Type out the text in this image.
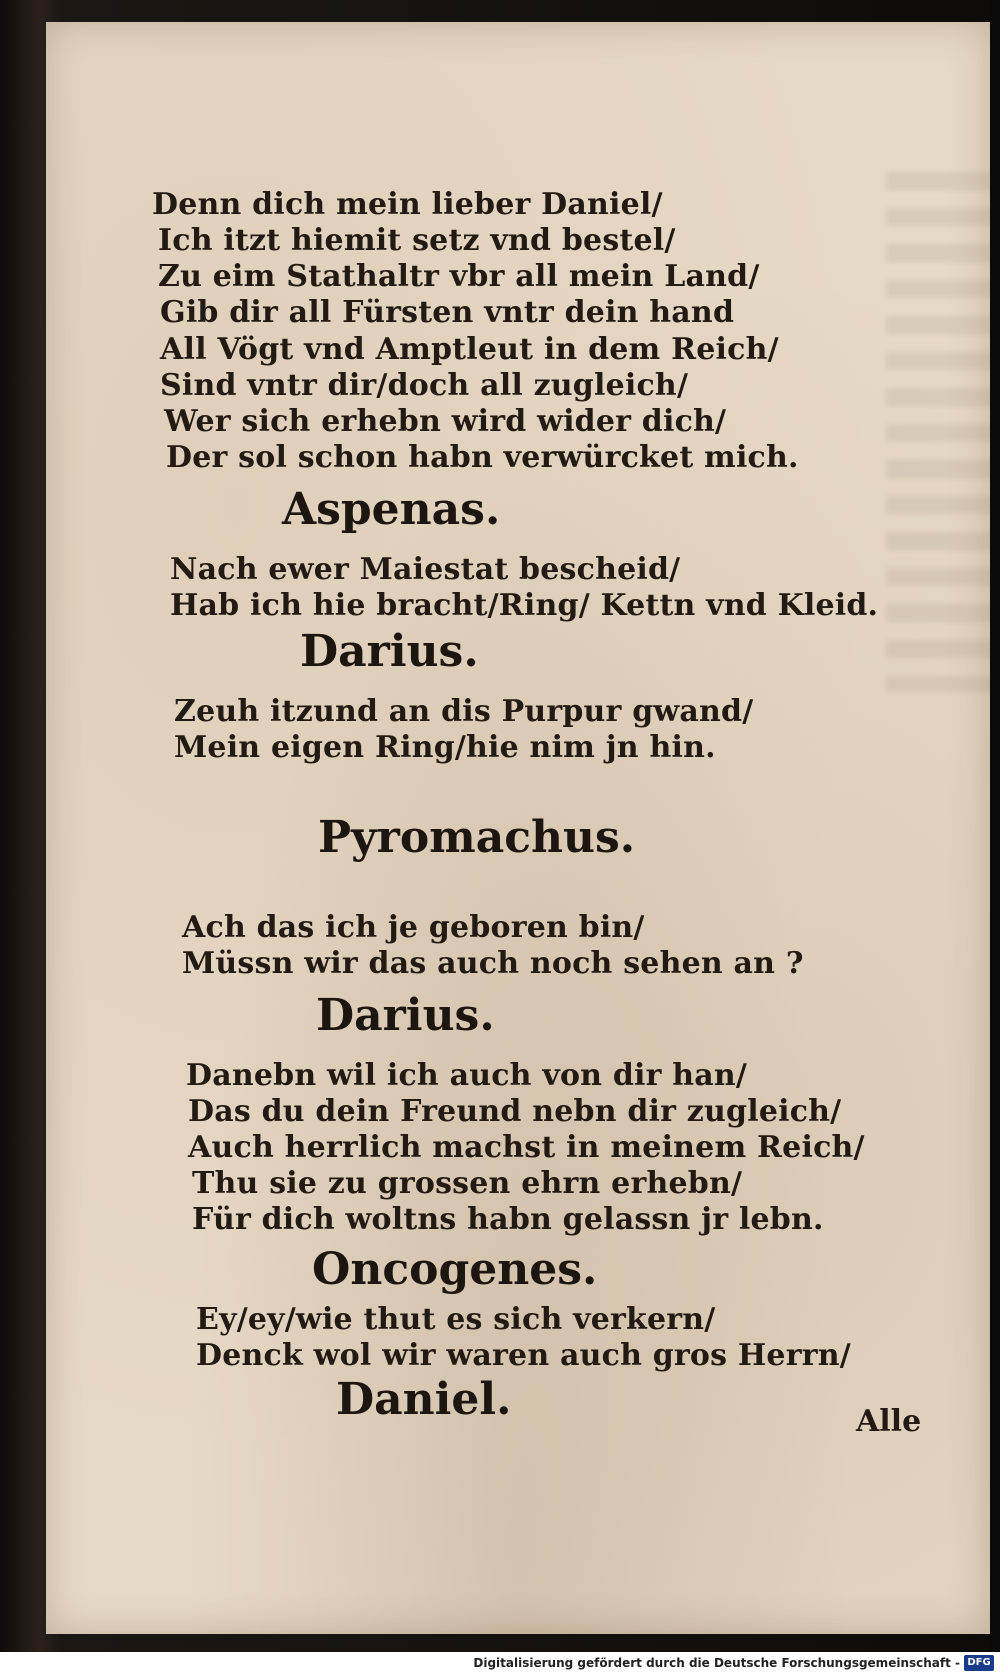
Denn dich mein lieber Daniel/
Ich itzt hiemit setz vnd bestel/
Zu eim Stathaltr vbr all mein Land/
Gib dir all Fürsten vntr dein hand
All Vögt vnd Amptleut in dem Reich/
Sind vntr dir/doch all zugleich/
Wer sich erhebn wird wider dich/
Der sol schon habn verwürcket mich.
Aspenas.
Nach ewer Maiestat bescheid/
Hab ich hie bracht/Ring/ Kettn vnd Kleid.
Darius.
Zeuh itzund an dis Purpur gwand/
Mein eigen Ring/hie nim jn hin.
Pyromachus.
Ach das ich je geboren bin/
Müssn wir das auch noch sehen an ?
Darius.
Danebn wil ich auch von dir han/
Das du dein Freund nebn dir zugleich/
Auch herrlich machst in meinem Reich/
Thu sie zu grossen ehrn erhebn/
Für dich woltns habn gelassn jr lebn.
Oncogenes.
Ey/ey/wie thut es sich verkern/
Denck wol wir waren auch gros Herrn/
Daniel.	Alle
Digitalisierung gefördert durch die Deutsche Forschungsgemeinschaft - DFG
